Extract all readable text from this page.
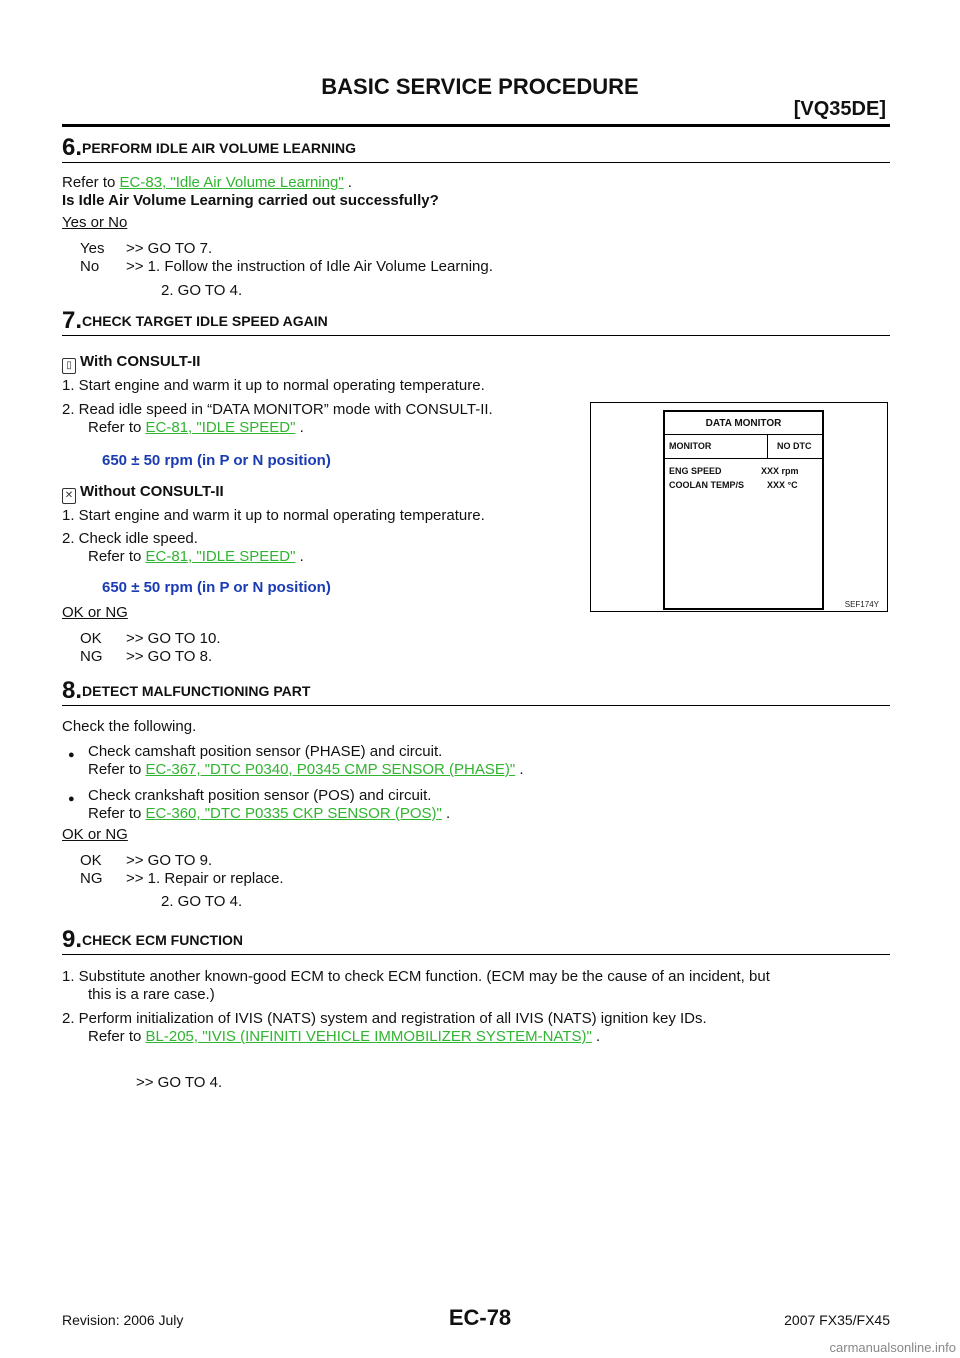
BASIC SERVICE PROCEDURE
[VQ35DE]
6. PERFORM IDLE AIR VOLUME LEARNING
Refer to EC-83, "Idle Air Volume Learning" .
Is Idle Air Volume Learning carried out successfully?
Yes or No
Yes >> GO TO 7.
No >> 1. Follow the instruction of Idle Air Volume Learning.
2. GO TO 4.
7. CHECK TARGET IDLE SPEED AGAIN
▯ With CONSULT-II
1. Start engine and warm it up to normal operating temperature.
2. Read idle speed in “DATA MONITOR” mode with CONSULT-II.
Refer to EC-81, "IDLE SPEED" .
650 ± 50 rpm (in P or N position)
✕ Without CONSULT-II
1. Start engine and warm it up to normal operating temperature.
2. Check idle speed.
Refer to EC-81, "IDLE SPEED" .
650 ± 50 rpm (in P or N position)
OK or NG
OK >> GO TO 10.
NG >> GO TO 8.
DATA MONITOR
MONITOR	NO DTC
ENG SPEED	XXX rpm
COOLAN TEMP/S	XXX °C
SEF174Y
8. DETECT MALFUNCTIONING PART
Check the following.
● Check camshaft position sensor (PHASE) and circuit.
Refer to EC-367, "DTC P0340, P0345 CMP SENSOR (PHASE)" .
● Check crankshaft position sensor (POS) and circuit.
Refer to EC-360, "DTC P0335 CKP SENSOR (POS)" .
OK or NG
OK >> GO TO 9.
NG >> 1. Repair or replace.
2. GO TO 4.
9. CHECK ECM FUNCTION
1. Substitute another known-good ECM to check ECM function. (ECM may be the cause of an incident, but
this is a rare case.)
2. Perform initialization of IVIS (NATS) system and registration of all IVIS (NATS) ignition key IDs.
Refer to BL-205, "IVIS (INFINITI VEHICLE IMMOBILIZER SYSTEM-NATS)" .
>> GO TO 4.
Revision: 2006 July	EC-78	2007 FX35/FX45
carmanualsonline.info
